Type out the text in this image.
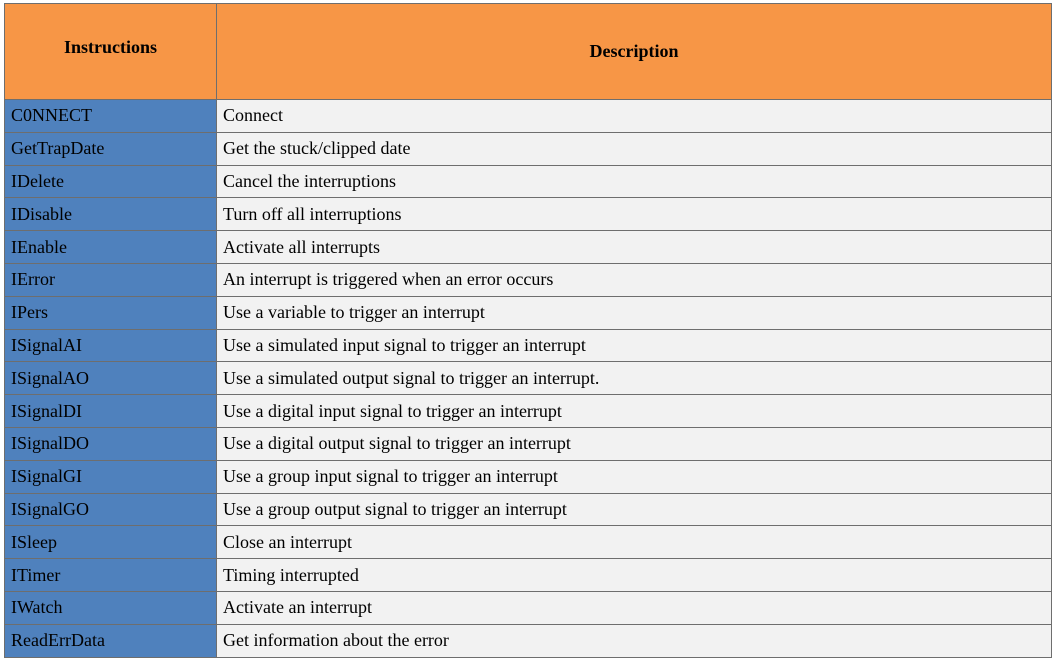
Instructions	Description
C0NNECT	Connect
GetTrapDate	Get the stuck/clipped date
IDelete	Cancel the interruptions
IDisable	Turn off all interruptions
IEnable	Activate all interrupts
IError	An interrupt is triggered when an error occurs
IPers	Use a variable to trigger an interrupt
ISignalAI	Use a simulated input signal to trigger an interrupt
ISignalAO	Use a simulated output signal to trigger an interrupt.
ISignalDI	Use a digital input signal to trigger an interrupt
ISignalDO	Use a digital output signal to trigger an interrupt
ISignalGI	Use a group input signal to trigger an interrupt
ISignalGO	Use a group output signal to trigger an interrupt
ISleep	Close an interrupt
ITimer	Timing interrupted
IWatch	Activate an interrupt
ReadErrData	Get information about the error
